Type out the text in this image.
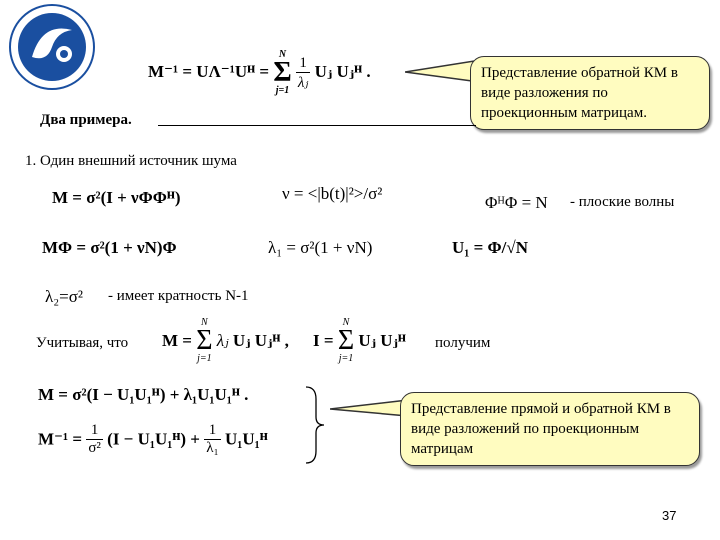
M⁻¹ = UΛ⁻¹Uᴴ =
N
Σ
j=1
$\frac{1}{\text{λⱼ}}$ Uⱼ Uⱼᴴ .	Представление обратной КМ в виде разложения по проекционным матрицам.
Два примера.
1. Один внешний источник шума
M = σ²(I + νΦΦᴴ)	ν = <|b(t)|²>/σ²	ΦᴴΦ = N - плоские волны
MΦ = σ²(1 + νN)Φ	λ₁ = σ²(1 + νN)	U₁ = Φ/√N
λ₂=σ² - имеет кратность N-1
Учитывая, что M =
N
Σ
j=1
λⱼ Uⱼ Uⱼᴴ , I =
N
Σ
j=1
Uⱼ Uⱼᴴ получим
M = σ²(I − U₁U₁ᴴ) + λ₁U₁U₁ᴴ .
$M^{-1} = \frac{1}{\text{σ²}} (I$ − U₁U₁ᴴ) + $\frac{1}{\text{λ₁}}$ U₁U₁ᴴ
Представление прямой и обратной КМ в виде разложений по проекционным матрицам
37
